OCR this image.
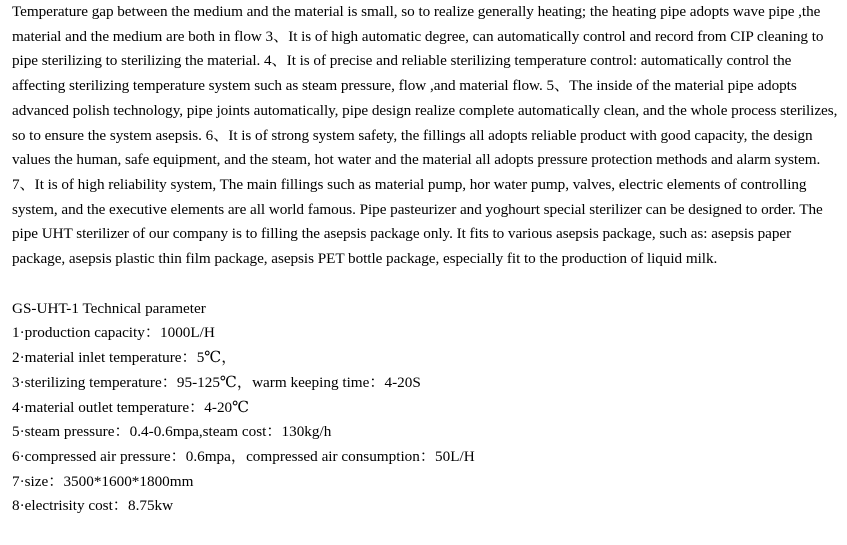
Temperature gap between the medium and the material is small, so to realize generally heating; the heating pipe adopts wave pipe ,the material and the medium are both in flow 3、It is of high automatic degree, can automatically control and record from CIP cleaning to pipe sterilizing to sterilizing the material. 4、It is of precise and reliable sterilizing temperature control: automatically control the affecting sterilizing temperature system such as steam pressure, flow ,and material flow. 5、The inside of the material pipe adopts advanced polish technology, pipe joints automatically, pipe design realize complete automatically clean, and the whole process sterilizes, so to ensure the system asepsis. 6、It is of strong system safety, the fillings all adopts reliable product with good capacity, the design values the human, safe equipment, and the steam, hot water and the material all adopts pressure protection methods and alarm system. 7、It is of high reliability system, The main fillings such as material pump, hor water pump, valves, electric elements of controlling system, and the executive elements are all world famous. Pipe pasteurizer and yoghourt special sterilizer can be designed to order. The pipe UHT sterilizer of our company is to filling the asepsis package only. It fits to various asepsis package, such as: asepsis paper package, asepsis plastic thin film package, asepsis PET bottle package, especially fit to the production of liquid milk.

GS-UHT-1 Technical parameter
1·production capacity：1000L/H
2·material inlet temperature：5℃，
3·sterilizing temperature：95-125℃，warm keeping time：4-20S
4·material outlet temperature：4-20℃
5·steam pressure：0.4-0.6mpa,steam cost：130kg/h
6·compressed air pressure：0.6mpa，compressed air consumption：50L/H
7·size：3500*1600*1800mm
8·electrisity cost：8.75kw
